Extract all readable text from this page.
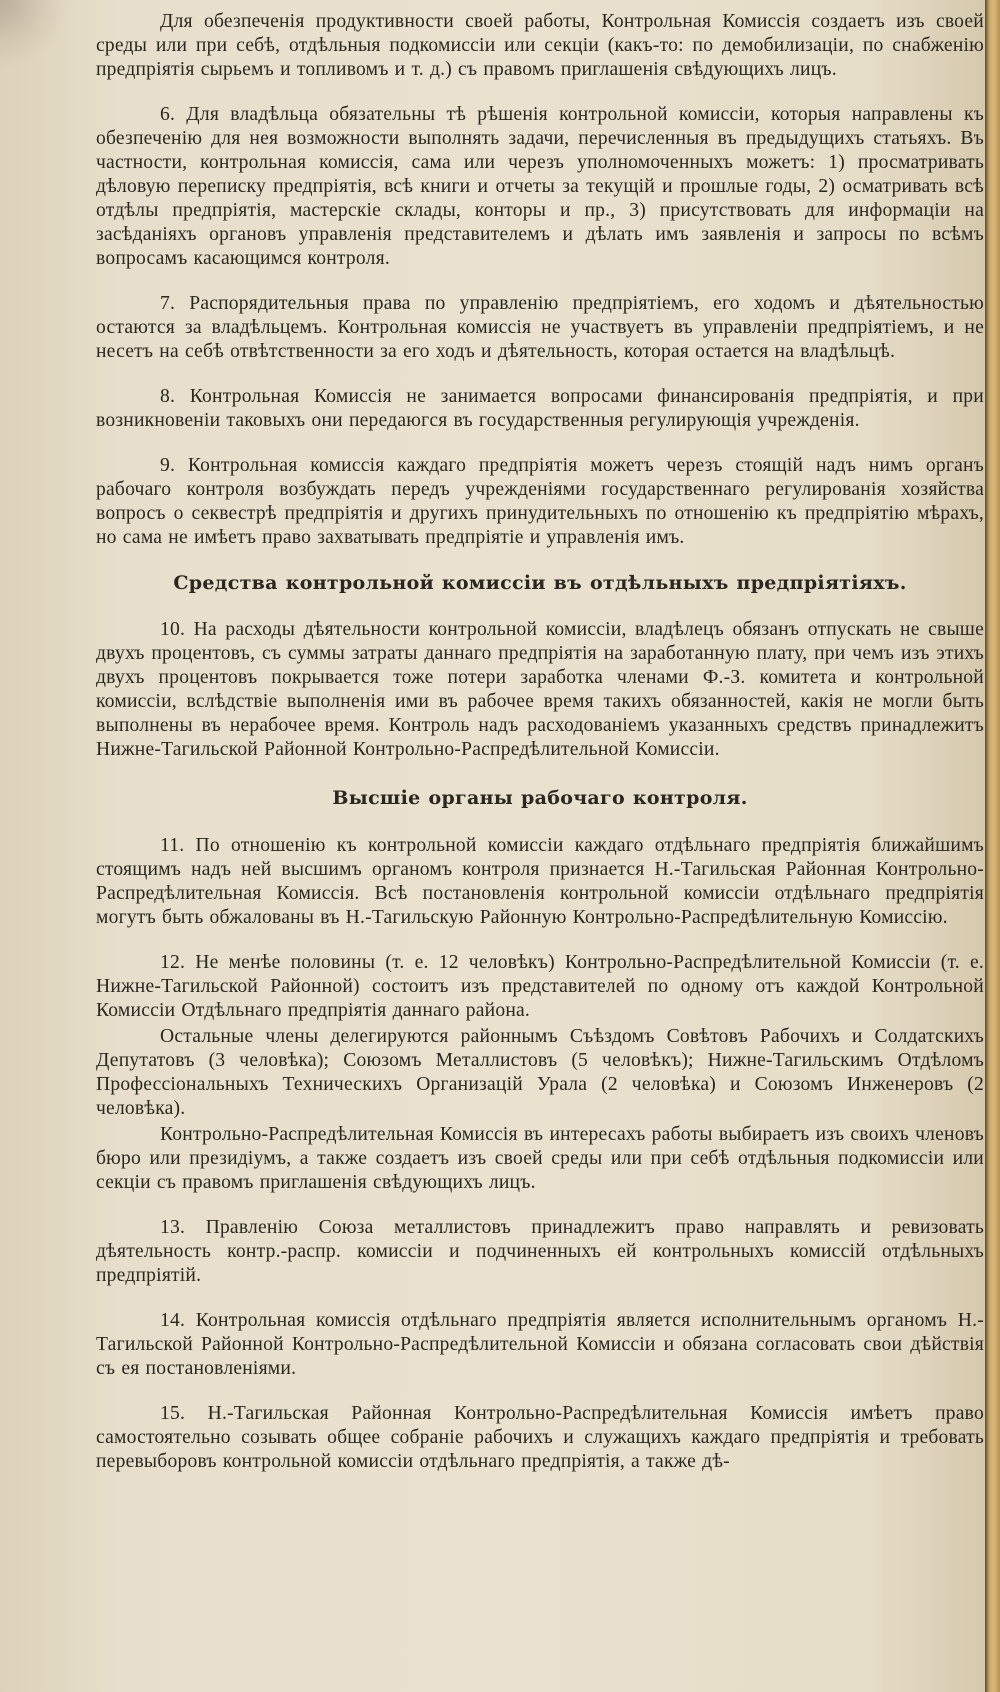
Для обезпеченія продуктивности своей работы, Контрольная Комиссія создаетъ изъ своей среды или при себѣ, отдѣльныя подкомиссіи или секціи (какъ-то: по демобилизаціи, по снабженію предпріятія сырьемъ и топливомъ и т. д.) съ правомъ приглашенія свѣдующихъ лицъ.

6. Для владѣльца обязательны тѣ рѣшенія контрольной комиссіи, которыя направлены къ обезпеченію для нея возможности выполнять задачи, перечисленныя въ предыдущихъ статьяхъ. Въ частности, контрольная комиссія, сама или черезъ уполномоченныхъ можетъ: 1) просматривать дѣловую переписку предпріятія, всѣ книги и отчеты за текущій и прошлые годы, 2) осматривать всѣ отдѣлы предпріятія, мастерскіе склады, конторы и пр., 3) присутствовать для информаціи на засѣданіяхъ органовъ управленія представителемъ и дѣлать имъ заявленія и запросы по всѣмъ вопросамъ касающимся контроля.

7. Распорядительныя права по управленію предпріятіемъ, его ходомъ и дѣятельностью остаются за владѣльцемъ. Контрольная комиссія не участвуетъ въ управленіи предпріятіемъ, и не несетъ на себѣ отвѣтственности за его ходъ и дѣятельность, которая остается на владѣльцѣ.

8. Контрольная Комиссія не занимается вопросами финансированія предпріятія, и при возникновеніи таковыхъ они передаюгся въ государственныя регулирующія учрежденія.

9. Контрольная комиссія каждаго предпріятія можетъ черезъ стоящій надъ нимъ органъ рабочаго контроля возбуждать передъ учрежденіями государственнаго регулированія хозяйства вопросъ о секвестрѣ предпріятія и другихъ принудительныхъ по отношенію къ предпріятію мѣрахъ, но сама не имѣетъ право захватывать предпріятіе и управленія имъ.

Средства контрольной комиссіи въ отдѣльныхъ предпріятіяхъ.

10. На расходы дѣятельности контрольной комиссіи, владѣлецъ обязанъ отпускать не свыше двухъ процентовъ, съ суммы затраты даннаго предпріятія на заработанную плату, при чемъ изъ этихъ двухъ процентовъ покрывается тоже потери заработка членами Ф.-З. комитета и контрольной комиссіи, вслѣдствіе выполненія ими въ рабочее время такихъ обязанностей, какія не могли быть выполнены въ нерабочее время. Контроль надъ расходованіемъ указанныхъ средствъ принадлежитъ Нижне-Тагильской Районной Контрольно-Распредѣлительной Комиссіи.

Высшіе органы рабочаго контроля.

11. По отношенію къ контрольной комиссіи каждаго отдѣльнаго предпріятія ближайшимъ стоящимъ надъ ней высшимъ органомъ контроля признается Н.-Тагильская Районная Контрольно-Распредѣлительная Комиссія. Всѣ постановленія контрольной комиссіи отдѣльнаго предпріятія могутъ быть обжалованы въ Н.-Тагильскую Районную Контрольно-Распредѣлительную Комиссію.

12. Не менѣе половины (т. е. 12 человѣкъ) Контрольно-Распредѣлительной Комиссіи (т. е. Нижне-Тагильской Районной) состоитъ изъ представителей по одному отъ каждой Контрольной Комиссіи Отдѣльнаго предпріятія даннаго района.

Остальные члены делегируются районнымъ Съѣздомъ Совѣтовъ Рабочихъ и Солдатскихъ Депутатовъ (3 человѣка); Союзомъ Металлистовъ (5 человѣкъ); Нижне-Тагильскимъ Отдѣломъ Профессіональныхъ Техническихъ Организацій Урала (2 человѣка) и Союзомъ Инженеровъ (2 человѣка).

Контрольно-Распредѣлительная Комиссія въ интересахъ работы выбираетъ изъ своихъ членовъ бюро или президіумъ, а также создаетъ изъ своей среды или при себѣ отдѣльныя подкомиссіи или секціи съ правомъ приглашенія свѣдующихъ лицъ.

13. Правленію Союза металлистовъ принадлежитъ право направлять и ревизовать дѣятельность контр.-распр. комиссіи и подчиненныхъ ей контрольныхъ комиссій отдѣльныхъ предпріятій.

14. Контрольная комиссія отдѣльнаго предпріятія является исполнительнымъ органомъ Н.-Тагильской Районной Контрольно-Распредѣлительной Комиссіи и обязана согласовать свои дѣйствія съ ея постановленіями.

15. Н.-Тагильская Районная Контрольно-Распредѣлительная Комиссія имѣетъ право самостоятельно созывать общее собраніе рабочихъ и служащихъ каждаго предпріятія и требовать перевыборовъ контрольной комиссіи отдѣльнаго предпріятія, а также дѣ-
